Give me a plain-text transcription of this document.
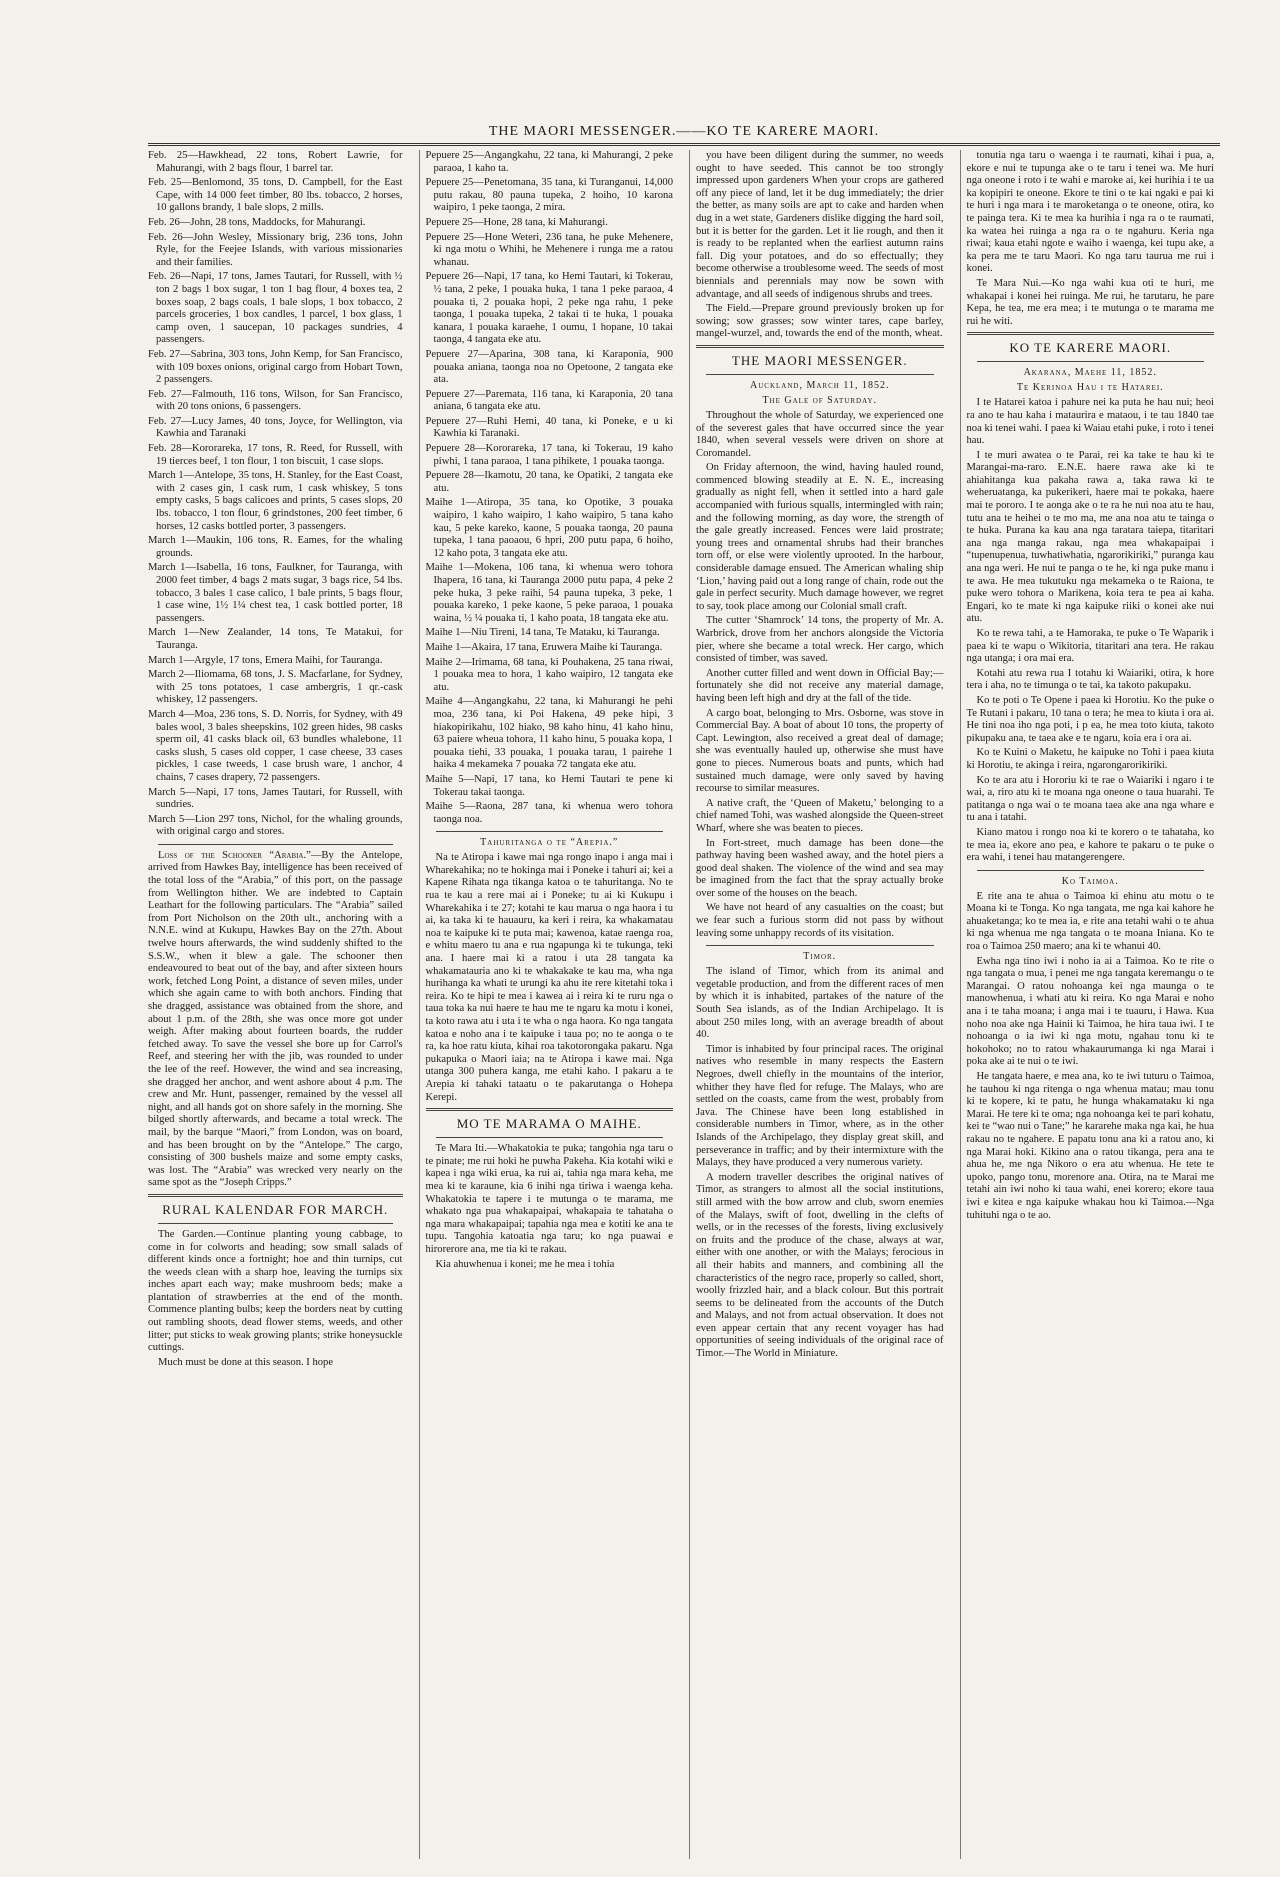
THE MAORI MESSENGER.——KO TE KARERE MAORI.

Feb. 25—Hawkhead, 22 tons, Robert Lawrie, for Mahurangi, with 2 bags flour, 1 barrel tar.

Feb. 25—Benlomond, 35 tons, D. Campbell, for the East Cape, with 14 000 feet timber, 80 lbs. tobacco, 2 horses, 10 gallons brandy, 1 bale slops, 2 mills.

Feb. 26—John, 28 tons, Maddocks, for Mahurangi.

Feb. 26—John Wesley, Missionary brig, 236 tons, John Ryle, for the Feejee Islands, with various missionaries and their families.

Feb. 26—Napi, 17 tons, James Tautari, for Russell, with ½ ton 2 bags 1 box sugar, 1 ton 1 bag flour, 4 boxes tea, 2 boxes soap, 2 bags coals, 1 bale slops, 1 box tobacco, 2 parcels groceries, 1 box candles, 1 parcel, 1 box glass, 1 camp oven, 1 saucepan, 10 packages sundries, 4 passengers.

Feb. 27—Sabrina, 303 tons, John Kemp, for San Francisco, with 109 boxes onions, original cargo from Hobart Town, 2 passengers.

Feb. 27—Falmouth, 116 tons, Wilson, for San Francisco, with 20 tons onions, 6 passengers.

Feb. 27—Lucy James, 40 tons, Joyce, for Wellington, via Kawhia and Taranaki

Feb. 28—Kororareka, 17 tons, R. Reed, for Russell, with 19 tierces beef, 1 ton flour, 1 ton biscuit, 1 case slops.

March 1—Antelope, 35 tons, H. Stanley, for the East Coast, with 2 cases gin, 1 cask rum, 1 cask whiskey, 5 tons empty casks, 5 bags calicoes and prints, 5 cases slops, 20 lbs. tobacco, 1 ton flour, 6 grindstones, 200 feet timber, 6 horses, 12 casks bottled porter, 3 passengers.

March 1—Maukin, 106 tons, R. Eames, for the whaling grounds.

March 1—Isabella, 16 tons, Faulkner, for Tauranga, with 2000 feet timber, 4 bags 2 mats sugar, 3 bags rice, 54 lbs. tobacco, 3 bales 1 case calico, 1 bale prints, 5 bags flour, 1 case wine, 1½ 1¼ chest tea, 1 cask bottled porter, 18 passengers.

March 1—New Zealander, 14 tons, Te Matakui, for Tauranga.

March 1—Argyle, 17 tons, Emera Maihi, for Tauranga.

March 2—Iliomama, 68 tons, J. S. Macfarlane, for Sydney, with 25 tons potatoes, 1 case ambergris, 1 qr.-cask whiskey, 12 passengers.

March 4—Moa, 236 tons, S. D. Norris, for Sydney, with 49 bales wool, 3 bales sheepskins, 102 green hides, 98 casks sperm oil, 41 casks black oil, 63 bundles whalebone, 11 casks slush, 5 cases old copper, 1 case cheese, 33 cases pickles, 1 case tweeds, 1 case brush ware, 1 anchor, 4 chains, 7 cases drapery, 72 passengers.

March 5—Napi, 17 tons, James Tautari, for Russell, with sundries.

March 5—Lion 297 tons, Nichol, for the whaling grounds, with original cargo and stores.

Loss of the Schooner “Arabia.”—By the Antelope, arrived from Hawkes Bay, intelligence has been received of the total loss of the “Arabia,” of this port, on the passage from Wellington hither. We are indebted to Captain Leathart for the following particulars. The “Arabia” sailed from Port Nicholson on the 20th ult., anchoring with a N.N.E. wind at Kukupu, Hawkes Bay on the 27th. About twelve hours afterwards, the wind suddenly shifted to the S.S.W., when it blew a gale. The schooner then endeavoured to beat out of the bay, and after sixteen hours work, fetched Long Point, a distance of seven miles, under which she again came to with both anchors. Finding that she dragged, assistance was obtained from the shore, and about 1 p.m. of the 28th, she was once more got under weigh. After making about fourteen boards, the rudder fetched away. To save the vessel she bore up for Carrol's Reef, and steering her with the jib, was rounded to under the lee of the reef. However, the wind and sea increasing, she dragged her anchor, and went ashore about 4 p.m. The crew and Mr. Hunt, passenger, remained by the vessel all night, and all hands got on shore safely in the morning. She bilged shortly afterwards, and became a total wreck. The mail, by the barque “Maori,” from London, was on board, and has been brought on by the “Antelope.” The cargo, consisting of 300 bushels maize and some empty casks, was lost. The “Arabia” was wrecked very nearly on the same spot as the “Joseph Cripps.”

RURAL KALENDAR FOR MARCH.

The Garden.—Continue planting young cabbage, to come in for colworts and heading; sow small salads of different kinds once a fortnight; hoe and thin turnips, cut the weeds clean with a sharp hoe, leaving the turnips six inches apart each way; make mushroom beds; make a plantation of strawberries at the end of the month. Commence planting bulbs; keep the borders neat by cutting out rambling shoots, dead flower stems, weeds, and other litter; put sticks to weak growing plants; strike honeysuckle cuttings.

Much must be done at this season. I hope

Pepuere 25—Angangkahu, 22 tana, ki Mahurangi, 2 peke paraoa, 1 kaho ta.

Pepuere 25—Penetomana, 35 tana, ki Turanganui, 14,000 putu rakau, 80 pauna tupeka, 2 hoiho, 10 karona waipiro, 1 peke taonga, 2 mira.

Pepuere 25—Hone, 28 tana, ki Mahurangi.

Pepuere 25—Hone Weteri, 236 tana, he puke Mehenere, ki nga motu o Whihi, he Mehenere i runga me a ratou whanau.

Pepuere 26—Napi, 17 tana, ko Hemi Tautari, ki Tokerau, ½ tana, 2 peke, 1 pouaka huka, 1 tana 1 peke paraoa, 4 pouaka ti, 2 pouaka hopi, 2 peke nga rahu, 1 peke taonga, 1 pouaka tupeka, 2 takai ti te huka, 1 pouaka kanara, 1 pouaka karaehe, 1 oumu, 1 hopane, 10 takai taonga, 4 tangata eke atu.

Pepuere 27—Aparina, 308 tana, ki Karaponia, 900 pouaka aniana, taonga noa no Opetoone, 2 tangata eke ata.

Pepuere 27—Paremata, 116 tana, ki Karaponia, 20 tana aniana, 6 tangata eke atu.

Pepuere 27—Ruhi Hemi, 40 tana, ki Poneke, e u ki Kawhia ki Taranaki.

Pepuere 28—Kororareka, 17 tana, ki Tokerau, 19 kaho piwhi, 1 tana paraoa, 1 tana pihikete, 1 pouaka taonga.

Pepuere 28—Ikamotu, 20 tana, ke Opatiki, 2 tangata eke atu.

Maihe 1—Atiropa, 35 tana, ko Opotike, 3 pouaka waipiro, 1 kaho waipiro, 1 kaho waipiro, 5 tana kaho kau, 5 peke kareko, kaone, 5 pouaka taonga, 20 pauna tupeka, 1 tana paoaou, 6 hpri, 200 putu papa, 6 hoiho, 12 kaho pota, 3 tangata eke atu.

Maihe 1—Mokena, 106 tana, ki whenua wero tohora Ihapera, 16 tana, ki Tauranga 2000 putu papa, 4 peke 2 peke huka, 3 peke raihi, 54 pauna tupeka, 3 peke, 1 pouaka kareko, 1 peke kaone, 5 peke paraoa, 1 pouaka waina, ½ ¼ pouaka ti, 1 kaho poata, 18 tangata eke atu.

Maihe 1—Niu Tireni, 14 tana, Te Mataku, ki Tauranga.

Maihe 1—Akaira, 17 tana, Eruwera Maihe ki Tauranga.

Maihe 2—Irimama, 68 tana, ki Pouhakena, 25 tana riwai, 1 pouaka mea to hora, 1 kaho waipiro, 12 tangata eke atu.

Maihe 4—Angangkahu, 22 tana, ki Mahurangi he pehi moa, 236 tana, ki Poi Hakena, 49 peke hipi, 3 hiakopirikahu, 102 hiako, 98 kaho hinu, 41 kaho hinu, 63 paiere wheua tohora, 11 kaho hinu, 5 pouaka kopa, 1 pouaka tiehi, 33 pouaka, 1 pouaka tarau, 1 pairehe 1 haika 4 mekameka 7 pouaka 72 tangata eke atu.

Maihe 5—Napi, 17 tana, ko Hemi Tautari te pene ki Tokerau takai taonga.

Maihe 5—Raona, 287 tana, ki whenua wero tohora taonga noa.

Tahuritanga o te “Arepia.”

Na te Atiropa i kawe mai nga rongo inapo i anga mai i Wharekahika; no te hokinga mai i Poneke i tahuri ai; kei a Kapene Rihata nga tikanga katoa o te tahuritanga. No te rua te kau a rere mai ai i Poneke; tu ai ki Kukupu i Wharekahika i te 27; kotahi te kau marua o nga haora i tu ai, ka taka ki te hauauru, ka keri i reira, ka whakamatau noa te kaipuke ki te puta mai; kawenoa, katae raenga roa, e whitu maero tu ana e rua ngapunga ki te tukunga, teki ana. I haere mai ki a ratou i uta 28 tangata ka whakamatauria ano ki te whakakake te kau ma, wha nga hurihanga ka whati te urungi ka ahu ite rere kitetahi toka i reira. Ko te hipi te mea i kawea ai i reira ki te ruru nga o taua toka ka nui haere te hau me te ngaru ka motu i konei, ta koto rawa atu i uta i te wha o nga haora. Ko nga tangata katoa e noho ana i te kaipuke i taua po; no te aonga o te ra, ka hoe ratu kiuta, kihai roa takotorongaka pakaru. Nga pukapuka o Maori iaia; na te Atiropa i kawe mai. Nga utanga 300 puhera kanga, me etahi kaho. I pakaru a te Arepia ki tahaki tataatu o te pakarutanga o Hohepa Kerepi.

MO TE MARAMA O MAIHE.

Te Mara Iti.—Whakatokia te puka; tangohia nga taru o te pinate; me rui hoki he puwha Pakeha. Kia kotahi wiki e kapea i nga wiki erua, ka rui ai, tahia nga mara keha, me mea ki te karaune, kia 6 inihi nga tiriwa i waenga keha. Whakatokia te tapere i te mutunga o te marama, me whakato nga pua whakapaipai, whakapaia te tahataha o nga mara whakapaipai; tapahia nga mea e kotiti ke ana te tupu. Tangohia katoatia nga taru; ko nga puawai e hirorerore ana, me tia ki te rakau.

Kia ahuwhenua i konei; me he mea i tohia

you have been diligent during the summer, no weeds ought to have seeded. This cannot be too strongly impressed upon gardeners When your crops are gathered off any piece of land, let it be dug immediately; the drier the better, as many soils are apt to cake and harden when dug in a wet state, Gardeners dislike digging the hard soil, but it is better for the garden. Let it lie rough, and then it is ready to be replanted when the earliest autumn rains fall. Dig your potatoes, and do so effectually; they become otherwise a troublesome weed. The seeds of most biennials and perennials may now be sown with advantage, and all seeds of indigenous shrubs and trees.

The Field.—Prepare ground previously broken up for sowing; sow grasses; sow winter tares, cape barley, mangel-wurzel, and, towards the end of the month, wheat.

THE MAORI MESSENGER.
Auckland, March 11, 1852.
The Gale of Saturday.

Throughout the whole of Saturday, we experienced one of the severest gales that have occurred since the year 1840, when several vessels were driven on shore at Coromandel.

On Friday afternoon, the wind, having hauled round, commenced blowing steadily at E. N. E., increasing gradually as night fell, when it settled into a hard gale accompanied with furious squalls, intermingled with rain; and the following morning, as day wore, the strength of the gale greatly increased. Fences were laid prostrate; young trees and ornamental shrubs had their branches torn off, or else were violently uprooted. In the harbour, considerable damage ensued. The American whaling ship ‘Lion,’ having paid out a long range of chain, rode out the gale in perfect security. Much damage however, we regret to say, took place among our Colonial small craft.

The cutter ‘Shamrock’ 14 tons, the property of Mr. A. Warbrick, drove from her anchors alongside the Victoria pier, where she became a total wreck. Her cargo, which consisted of timber, was saved.

Another cutter filled and went down in Official Bay;—fortunately she did not receive any material damage, having been left high and dry at the fall of the tide.

A cargo boat, belonging to Mrs. Osborne, was stove in Commercial Bay. A boat of about 10 tons, the property of Capt. Lewington, also received a great deal of damage; she was eventually hauled up, otherwise she must have gone to pieces. Numerous boats and punts, which had sustained much damage, were only saved by having recourse to similar measures.

A native craft, the ‘Queen of Maketu,’ belonging to a chief named Tohi, was washed alongside the Queen-street Wharf, where she was beaten to pieces.

In Fort-street, much damage has been done—the pathway having been washed away, and the hotel piers a good deal shaken. The violence of the wind and sea may be imagined from the fact that the spray actually broke over some of the houses on the beach.

We have not heard of any casualties on the coast; but we fear such a furious storm did not pass by without leaving some unhappy records of its visitation.

Timor.

The island of Timor, which from its animal and vegetable production, and from the different races of men by which it is inhabited, partakes of the nature of the South Sea islands, as of the Indian Archipelago. It is about 250 miles long, with an average breadth of about 40.

Timor is inhabited by four principal races. The original natives who resemble in many respects the Eastern Negroes, dwell chiefly in the mountains of the interior, whither they have fled for refuge. The Malays, who are settled on the coasts, came from the west, probably from Java. The Chinese have been long established in considerable numbers in Timor, where, as in the other Islands of the Archipelago, they display great skill, and perseverance in traffic; and by their intermixture with the Malays, they have produced a very numerous variety.

A modern traveller describes the original natives of Timor, as strangers to almost all the social institutions, still armed with the bow arrow and club, sworn enemies of the Malays, swift of foot, dwelling in the clefts of wells, or in the recesses of the forests, living exclusively on fruits and the produce of the chase, always at war, either with one another, or with the Malays; ferocious in all their habits and manners, and combining all the characteristics of the negro race, properly so called, short, woolly frizzled hair, and a black colour. But this portrait seems to be delineated from the accounts of the Dutch and Malays, and not from actual observation. It does not even appear certain that any recent voyager has had opportunities of seeing individuals of the original race of Timor.—The World in Miniature.

tonutia nga taru o waenga i te raumati, kihai i pua, a, ekore e nui te tupunga ake o te taru i tenei wa. Me huri nga oneone i roto i te wahi e maroke ai, kei hurihia i te ua ka kopipiri te oneone. Ekore te tini o te kai ngaki e pai ki te huri i nga mara i te maroketanga o te oneone, otira, ko te painga tera. Ki te mea ka hurihia i nga ra o te raumati, ka watea hei ruinga a nga ra o te ngahuru. Keria nga riwai; kaua etahi ngote e waiho i waenga, kei tupu ake, a ka pera me te taru Maori. Ko nga taru taurua me rui i konei.

Te Mara Nui.—Ko nga wahi kua oti te huri, me whakapai i konei hei ruinga. Me rui, he tarutaru, he pare Kepa, he tea, me era mea; i te mutunga o te marama me rui he witi.

KO TE KARERE MAORI.
Akarana, Maehe 11, 1852.
Te Kerinoa Hau i te Hatarei.

I te Hatarei katoa i pahure nei ka puta he hau nui; heoi ra ano te hau kaha i mataurira e mataou, i te tau 1840 tae noa ki tenei wahi. I paea ki Waiau etahi puke, i roto i tenei hau.

I te muri awatea o te Parai, rei ka take te hau ki te Marangai-ma-raro. E.N.E. haere rawa ake ki te ahiahitanga kua pakaha rawa a, taka rawa ki te weheruatanga, ka pukerikeri, haere mai te pokaka, haere mai te pororo. I te aonga ake o te ra he nui noa atu te hau, tutu ana te heihei o te mo ma, me ana noa atu te tainga o te huka. Purana ka kau ana nga taratara taiepa, titaritari ana nga manga rakau, nga mea whakapaipai i “tupenupenua, tuwhatiwhatia, ngarorikiriki,” puranga kau ana nga weri. He nui te panga o te he, ki nga puke manu i te awa. He mea tukutuku nga mekameka o te Raiona, te puke wero tohora o Marikena, koia tera te pea ai kaha. Engari, ko te mate ki nga kaipuke riiki o konei ake nui atu.

Ko te rewa tahi, a te Hamoraka, te puke o Te Waparik i paea ki te wapu o Wikitoria, titaritari ana tera. He rakau nga utanga; i ora mai era.

Kotahi atu rewa rua I totahu ki Waiariki, otira, k hore tera i aha, no te timunga o te tai, ka takoto pakupaku.

Ko te poti o Te Opene i paea ki Horotiu. Ko the puke o Te Rutani i pakaru, 10 tana o tera; he mea to kiuta i ora ai. He tini noa iho nga poti, i p ea, he mea toto kiuta, takoto pikupaku ana, te taea ake e te ngaru, koia era i ora ai.

Ko te Kuini o Maketu, he kaipuke no Tohi i paea kiuta ki Horotiu, te akinga i reira, ngarongarorikiriki.

Ko te ara atu i Hororiu ki te rae o Waiariki i ngaro i te wai, a, riro atu ki te moana nga oneone o taua huarahi. Te patitanga o nga wai o te moana taea ake ana nga whare e tu ana i tatahi.

Kiano matou i rongo noa ki te korero o te tahataha, ko te mea ia, ekore ano pea, e kahore te pakaru o te puke o era wahi, i tenei hau matangerengere.

Ko Taimoa.

E rite ana te ahua o Taimoa ki ehinu atu motu o te Moana ki te Tonga. Ko nga tangata, me nga kai kahore he ahuaketanga; ko te mea ia, e rite ana tetahi wahi o te ahua ki nga whenua me nga tangata o te moana Iniana. Ko te roa o Taimoa 250 maero; ana ki te whanui 40.

Ewha nga tino iwi i noho ia ai a Taimoa. Ko te rite o nga tangata o mua, i penei me nga tangata keremangu o te Marangai. O ratou nohoanga kei nga maunga o te manowhenua, i whati atu ki reira. Ko nga Marai e noho ana i te taha moana; i anga mai i te tuauru, i Hawa. Kua noho noa ake nga Hainii ki Taimoa, he hira taua iwi. I te nohoanga o ia iwi ki nga motu, ngahau tonu ki te hokohoko; no to ratou whakaurumanga ki nga Marai i poka ake ai te nui o te iwi.

He tangata haere, e mea ana, ko te iwi tuturu o Taimoa, he tauhou ki nga ritenga o nga whenua matau; mau tonu ki te kopere, ki te patu, he hunga whakamataku ki nga Marai. He tere ki te oma; nga nohoanga kei te pari kohatu, kei te “wao nui o Tane;” he kararehe maka nga kai, he hua rakau no te ngahere. E papatu tonu ana ki a ratou ano, ki nga Marai hoki. Kikino ana o ratou tikanga, pera ana te ahua he, me nga Nikoro o era atu whenua. He tete te upoko, pango tonu, morenore ana. Otira, na te Marai me tetahi ain iwi noho ki taua wahi, enei korero; ekore taua iwi e kitea e nga kaipuke whakau hou ki Taimoa.—Nga tuhituhi nga o te ao.
